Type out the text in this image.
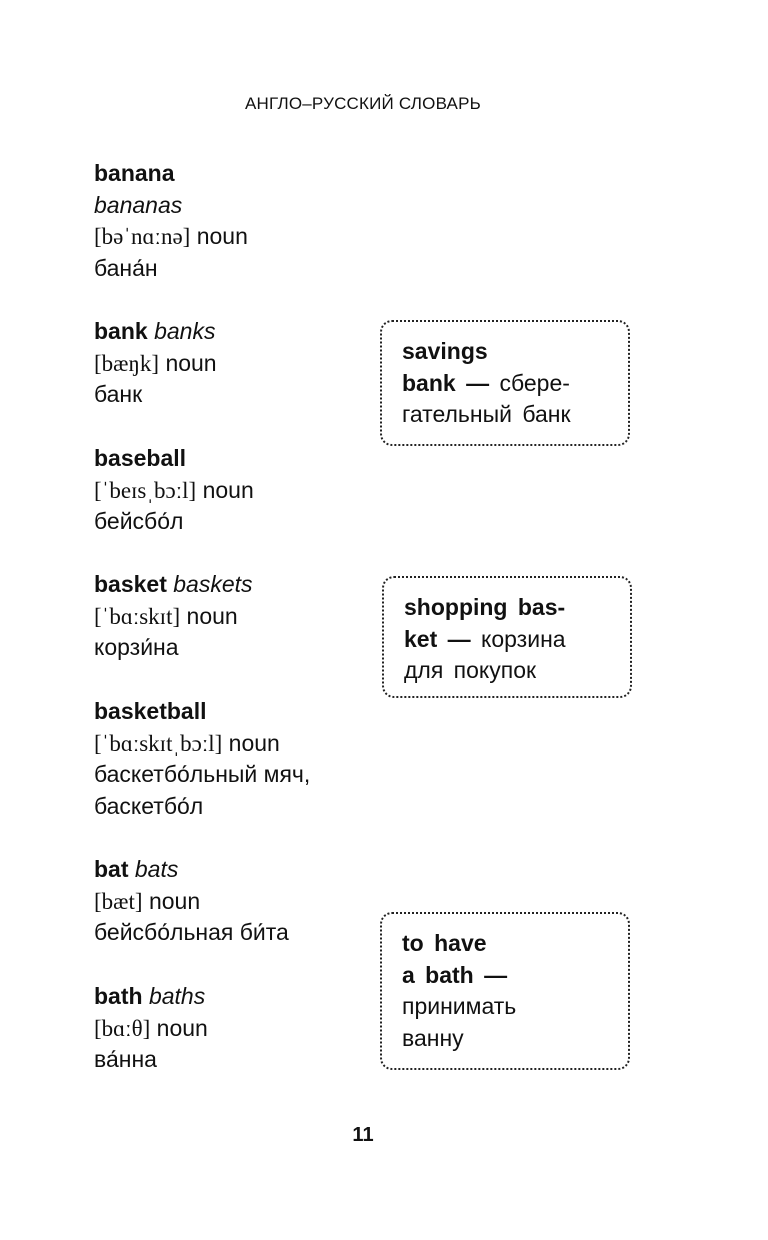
АНГЛО–РУССКИЙ СЛОВАРЬ
banana
bananas
[bəˈnɑːnə] noun
бана́н
bank banks
[bæŋk] noun
банк
baseball
[ˈbeɪsˌbɔːl] noun
бейсбо́л
basket baskets
[ˈbɑːskɪt] noun
корзи́на
basketball
[ˈbɑːskɪtˌbɔːl] noun
баскетбо́льный мяч,
баскетбо́л
bat bats
[bæt] noun
бейсбо́льная би́та
bath baths
[bɑːθ] noun
ва́нна
savings
bank — сбере-
гательный банк
shopping bas-
ket — корзина
для покупок
to have
a bath —
принимать
ванну
11
